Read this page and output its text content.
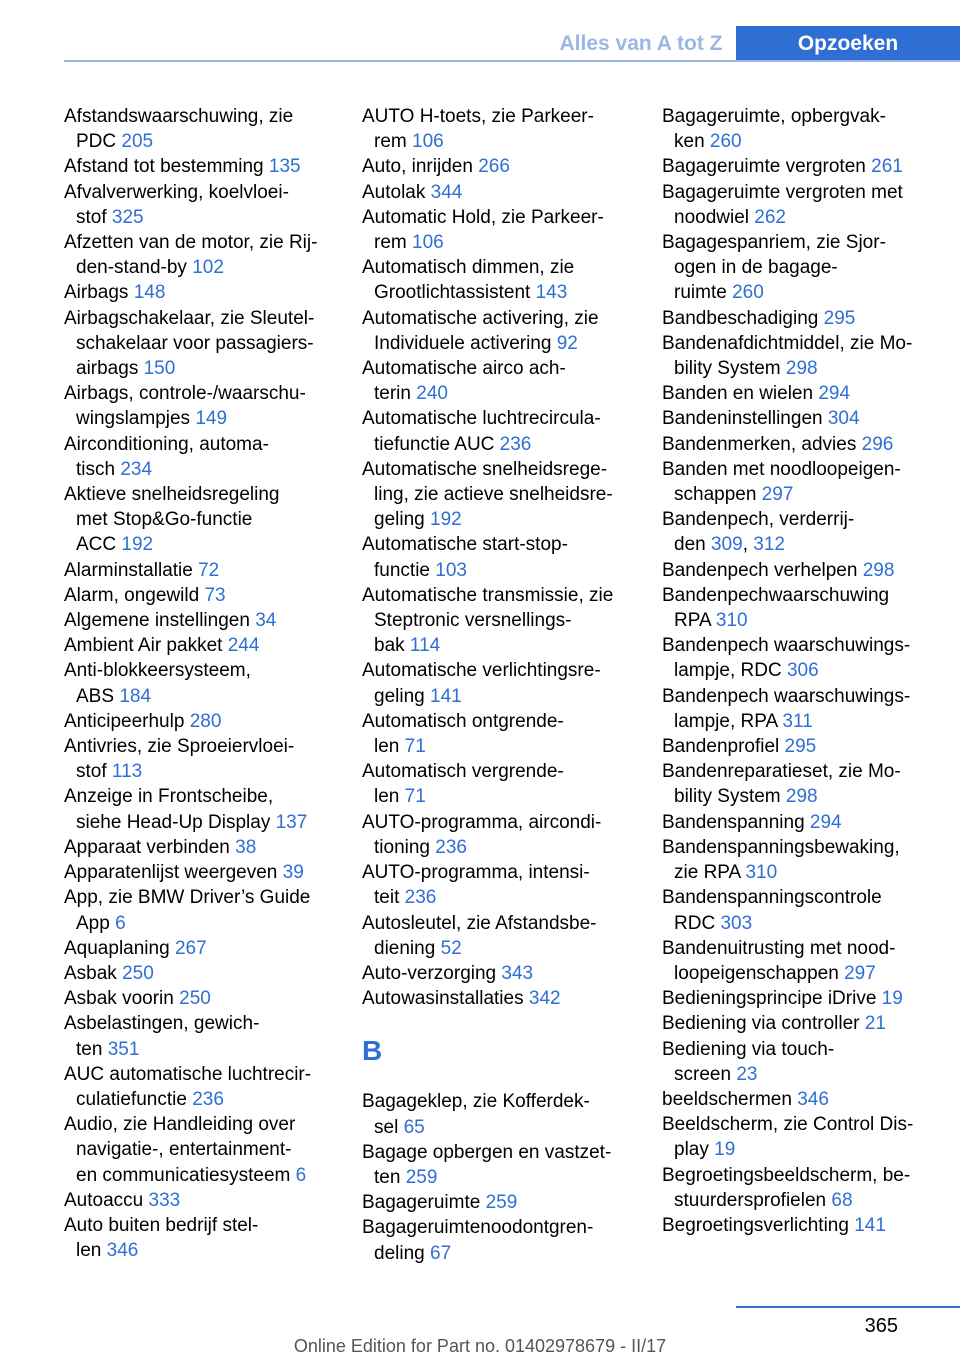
Alles van A tot Z	Opzoeken
Afstandswaarschuwing, zie
PDC 205
Afstand tot bestemming 135
Afvalverwerking, koelvloei-
stof 325
Afzetten van de motor, zie Rij-
den-stand-by 102
Airbags 148
Airbagschakelaar, zie Sleutel-
schakelaar voor passagiers-
airbags 150
Airbags, controle-/waarschu-
wingslampjes 149
Airconditioning, automa-
tisch 234
Aktieve snelheidsregeling
met Stop&Go-functie
ACC 192
Alarminstallatie 72
Alarm, ongewild 73
Algemene instellingen 34
Ambient Air pakket 244
Anti-blokkeersysteem,
ABS 184
Anticipeerhulp 280
Antivries, zie Sproeiervloei-
stof 113
Anzeige in Frontscheibe,
siehe Head-Up Display 137
Apparaat verbinden 38
Apparatenlijst weergeven 39
App, zie BMW Driver’s Guide
App 6
Aquaplaning 267
Asbak 250
Asbak voorin 250
Asbelastingen, gewich-
ten 351
AUC automatische luchtrecir-
culatiefunctie 236
Audio, zie Handleiding over
navigatie-, entertainment-
en communicatiesysteem 6
Autoaccu 333
Auto buiten bedrijf stel-
len 346
AUTO H-toets, zie Parkeer-
rem 106
Auto, inrijden 266
Autolak 344
Automatic Hold, zie Parkeer-
rem 106
Automatisch dimmen, zie
Grootlichtassistent 143
Automatische activering, zie
Individuele activering 92
Automatische airco ach-
terin 240
Automatische luchtrecircula-
tiefunctie AUC 236
Automatische snelheidsrege-
ling, zie actieve snelheidsre-
geling 192
Automatische start-stop-
functie 103
Automatische transmissie, zie
Steptronic versnellings-
bak 114
Automatische verlichtingsre-
geling 141
Automatisch ontgrende-
len 71
Automatisch vergrende-
len 71
AUTO-programma, aircondi-
tioning 236
AUTO-programma, intensi-
teit 236
Autosleutel, zie Afstandsbe-
diening 52
Auto-verzorging 343
Autowasinstallaties 342
B
Bagageklep, zie Kofferdek-
sel 65
Bagage opbergen en vastzet-
ten 259
Bagageruimte 259
Bagageruimtenoodontgren-
deling 67
Bagageruimte, opbergvak-
ken 260
Bagageruimte vergroten 261
Bagageruimte vergroten met
noodwiel 262
Bagagespanriem, zie Sjor-
ogen in de bagage-
ruimte 260
Bandbeschadiging 295
Bandenafdichtmiddel, zie Mo-
bility System 298
Banden en wielen 294
Bandeninstellingen 304
Bandenmerken, advies 296
Banden met noodloopeigen-
schappen 297
Bandenpech, verderrij-
den 309, 312
Bandenpech verhelpen 298
Bandenpechwaarschuwing
RPA 310
Bandenpech waarschuwings-
lampje, RDC 306
Bandenpech waarschuwings-
lampje, RPA 311
Bandenprofiel 295
Bandenreparatieset, zie Mo-
bility System 298
Bandenspanning 294
Bandenspanningsbewaking,
zie RPA 310
Bandenspanningscontrole
RDC 303
Bandenuitrusting met nood-
loopeigenschappen 297
Bedieningsprincipe iDrive 19
Bediening via controller 21
Bediening via touch-
screen 23
beeldschermen 346
Beeldscherm, zie Control Dis-
play 19
Begroetingsbeeldscherm, be-
stuurdersprofielen 68
Begroetingsverlichting 141
365
Online Edition for Part no. 01402978679 - II/17
